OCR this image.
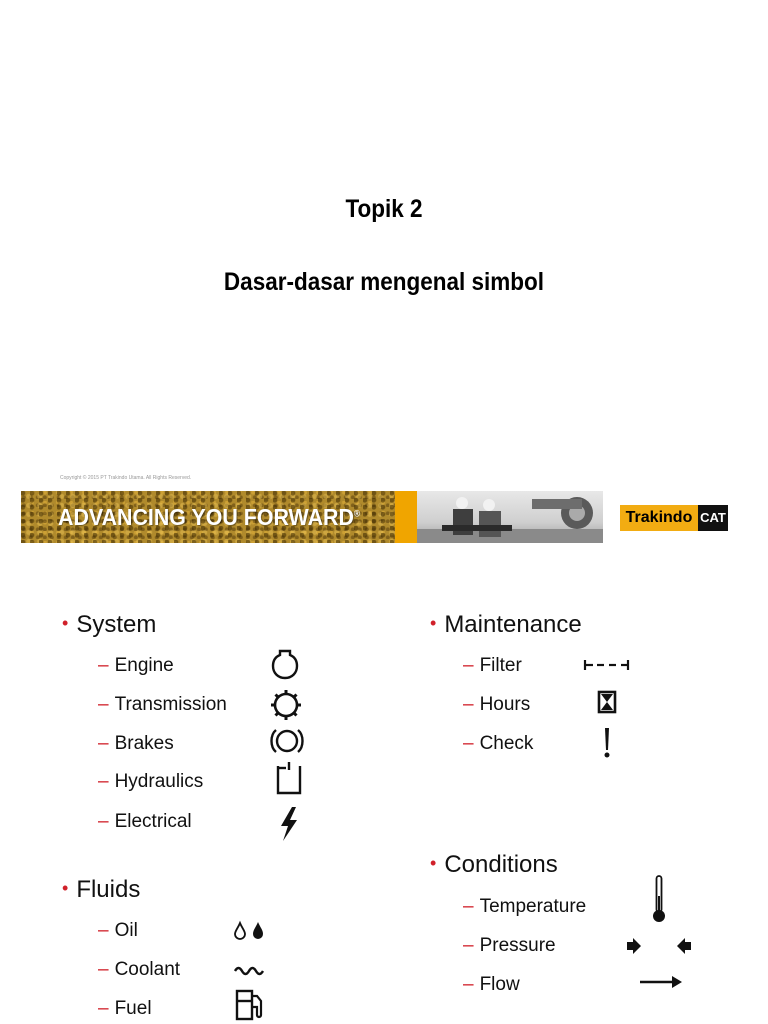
Topik 2
Dasar-dasar mengenal simbol
Copyright © 2015 PT Trakindo Utama. All Rights Reserved.
ADVANCING YOU FORWARD®	Trakindo CAT
• System
– Engine
– Transmission
– Brakes
– Hydraulics
– Electrical
• Fluids
– Oil
– Coolant
– Fuel
• Maintenance
– Filter
– Hours
– Check
• Conditions
– Temperature
– Pressure
– Flow
